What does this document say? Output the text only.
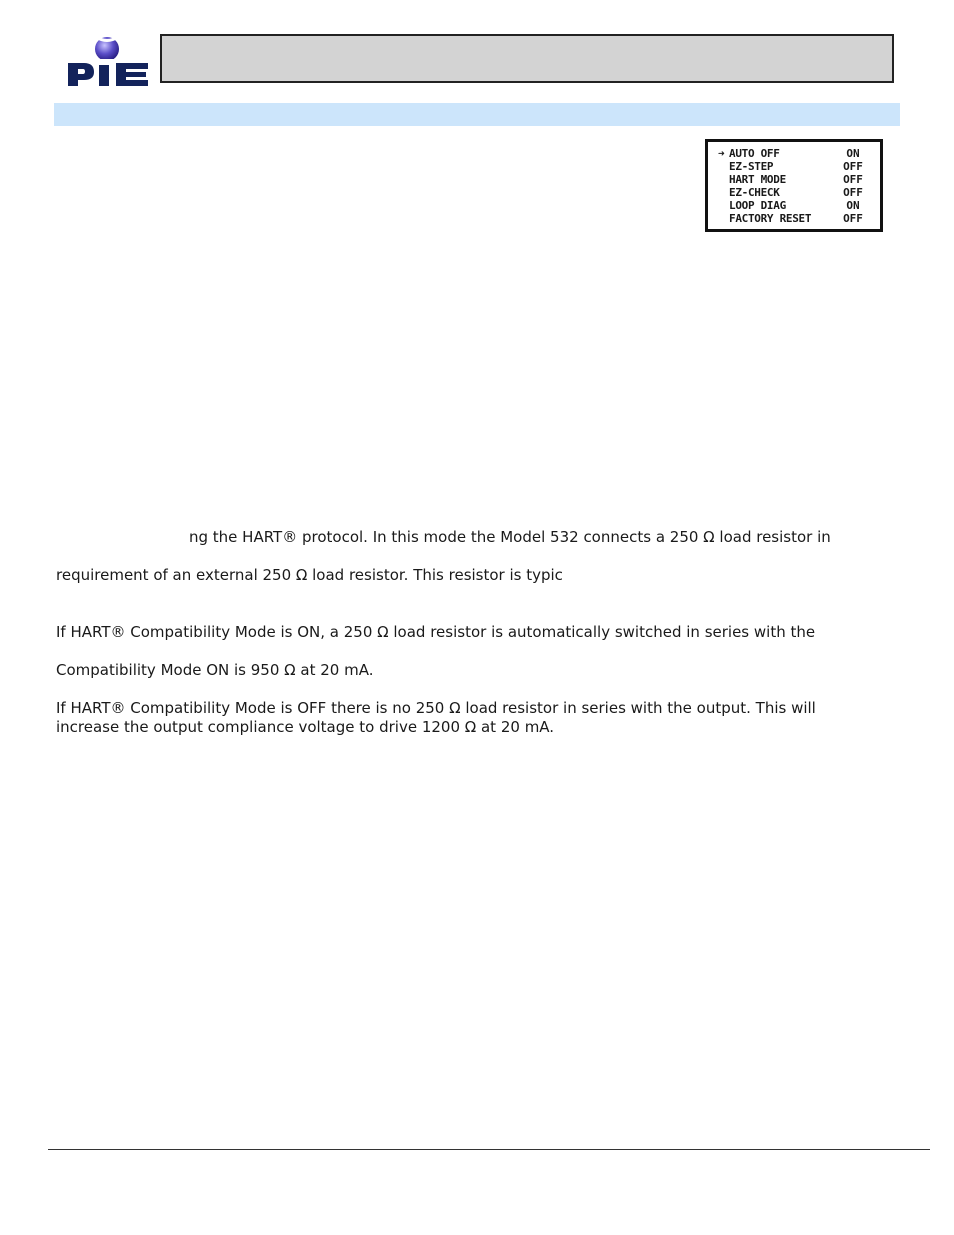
➜ AUTO OFF	ON
EZ-STEP	OFF
HART MODE	OFF
EZ-CHECK	OFF
LOOP DIAG	ON
FACTORY RESET	OFF

ng the HART® protocol. In this mode the Model 532 connects a 250 Ω load resistor in

requirement of an external 250 Ω load resistor. This resistor is typic

If HART® Compatibility Mode is ON, a 250 Ω load resistor is automatically switched in series with the

Compatibility Mode ON is 950 Ω at 20 mA.

If HART® Compatibility Mode is OFF there is no 250 Ω load resistor in series with the output. This will

increase the output compliance voltage to drive 1200 Ω at 20 mA.
